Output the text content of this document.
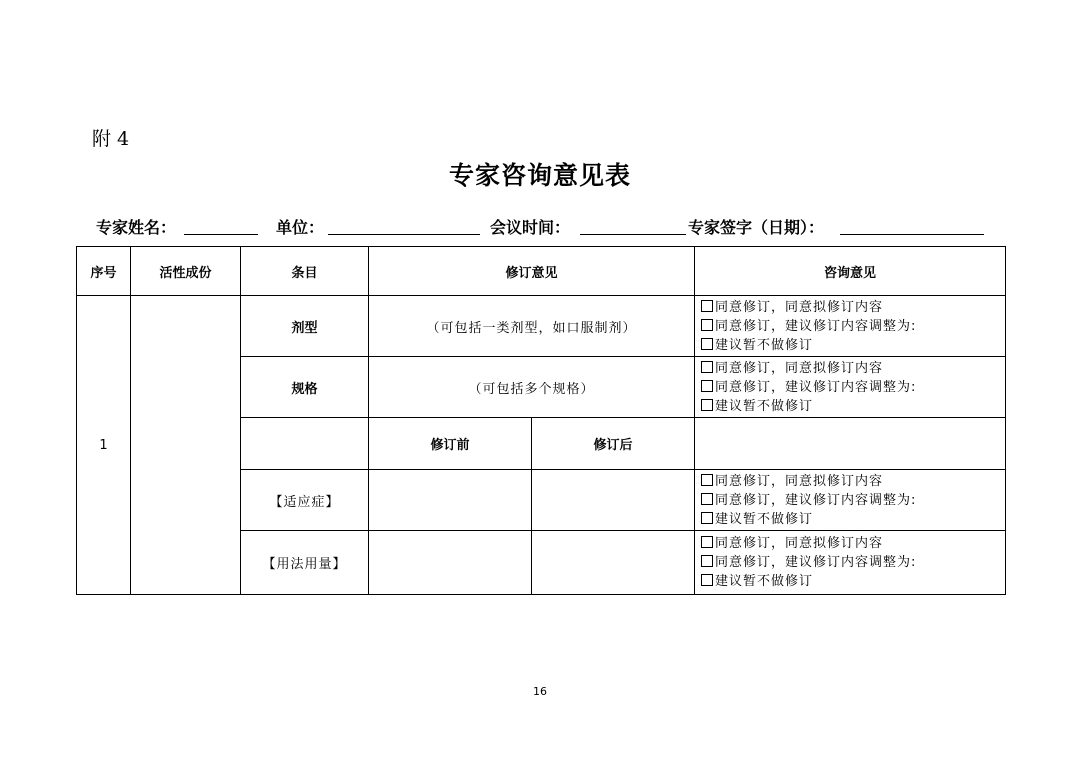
附 4
专家咨询意见表
专家姓名：	单位：	会议时间：	专家签字（日期）：
序号	活性成份	条目	修订意见		咨询意见
1		剂型	（可包括一类剂型，如口服制剂）		同意修订，同意拟修订内容
同意修订，建议修订内容调整为:
建议暂不做修订

		规格	（可包括多个规格）		同意修订，同意拟修订内容
同意修订，建议修订内容调整为:
建议暂不做修订

			修订前	修订后	
		【适应症】			同意修订，同意拟修订内容
同意修订，建议修订内容调整为:
建议暂不做修订

		【用法用量】			同意修订，同意拟修订内容
同意修订，建议修订内容调整为:
建议暂不做修订
16
